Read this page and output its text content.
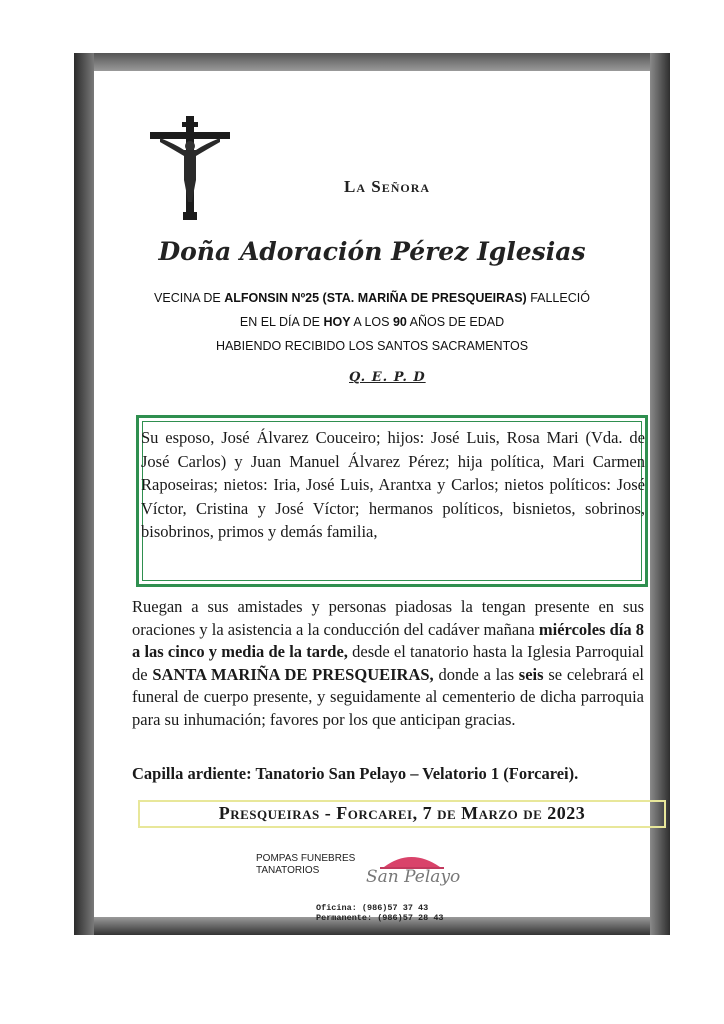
La Señora
Doña Adoración Pérez Iglesias
VECINA DE ALFONSIN Nº25 (STA. MARIÑA DE PRESQUEIRAS) FALLECIÓ
EN EL DÍA DE HOY A LOS 90 AÑOS DE EDAD
HABIENDO RECIBIDO LOS SANTOS SACRAMENTOS
Q. E. P. D
Su esposo, José Álvarez Couceiro; hijos: José Luis, Rosa Mari (Vda. de José Carlos) y Juan Manuel Álvarez Pérez; hija política, Mari Carmen Raposeiras; nietos: Iria, José Luis, Arantxa y Carlos; nietos políticos: José Víctor, Cristina y José Víctor; hermanos políticos, bisnietos, sobrinos, bisobrinos, primos y demás familia,
Ruegan a sus amistades y personas piadosas la tengan presente en sus oraciones y la asistencia a la conducción del cadáver mañana miércoles día 8 a las cinco y media de la tarde, desde el tanatorio hasta la Iglesia Parroquial de SANTA MARIÑA DE PRESQUEIRAS, donde a las seis se celebrará el funeral de cuerpo presente, y seguidamente al cementerio de dicha parroquia para su inhumación; favores por los que anticipan gracias.
Capilla ardiente: Tanatorio San Pelayo – Velatorio 1 (Forcarei).
Presqueiras - Forcarei, 7 de Marzo de 2023
POMPAS FUNEBRES
TANATORIOS	San Pelayo
Oficina: (986)57 37 43
Permanente: (986)57 28 43
